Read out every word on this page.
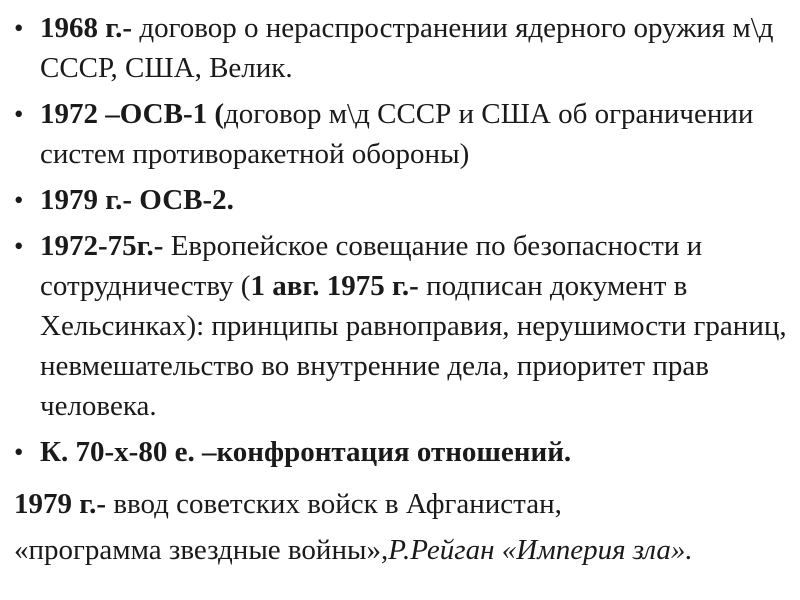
• 1968 г.- договор о нераспространении ядерного оружия м\д СССР, США, Велик.
• 1972 –ОСВ-1 (договор м\д СССР и США об ограничении систем противоракетной обороны)
• 1979 г.- ОСВ-2.
• 1972-75г.- Европейское совещание по безопасности и сотрудничеству (1 авг. 1975 г.- подписан документ в Хельсинках): принципы равноправия, нерушимости границ, невмешательство во внутренние дела, приоритет прав человека.
• К. 70-х-80 е. –конфронтация отношений.
1979 г.- ввод советских войск в Афганистан,
«программа звездные войны»,Р.Рейган «Империя зла».
